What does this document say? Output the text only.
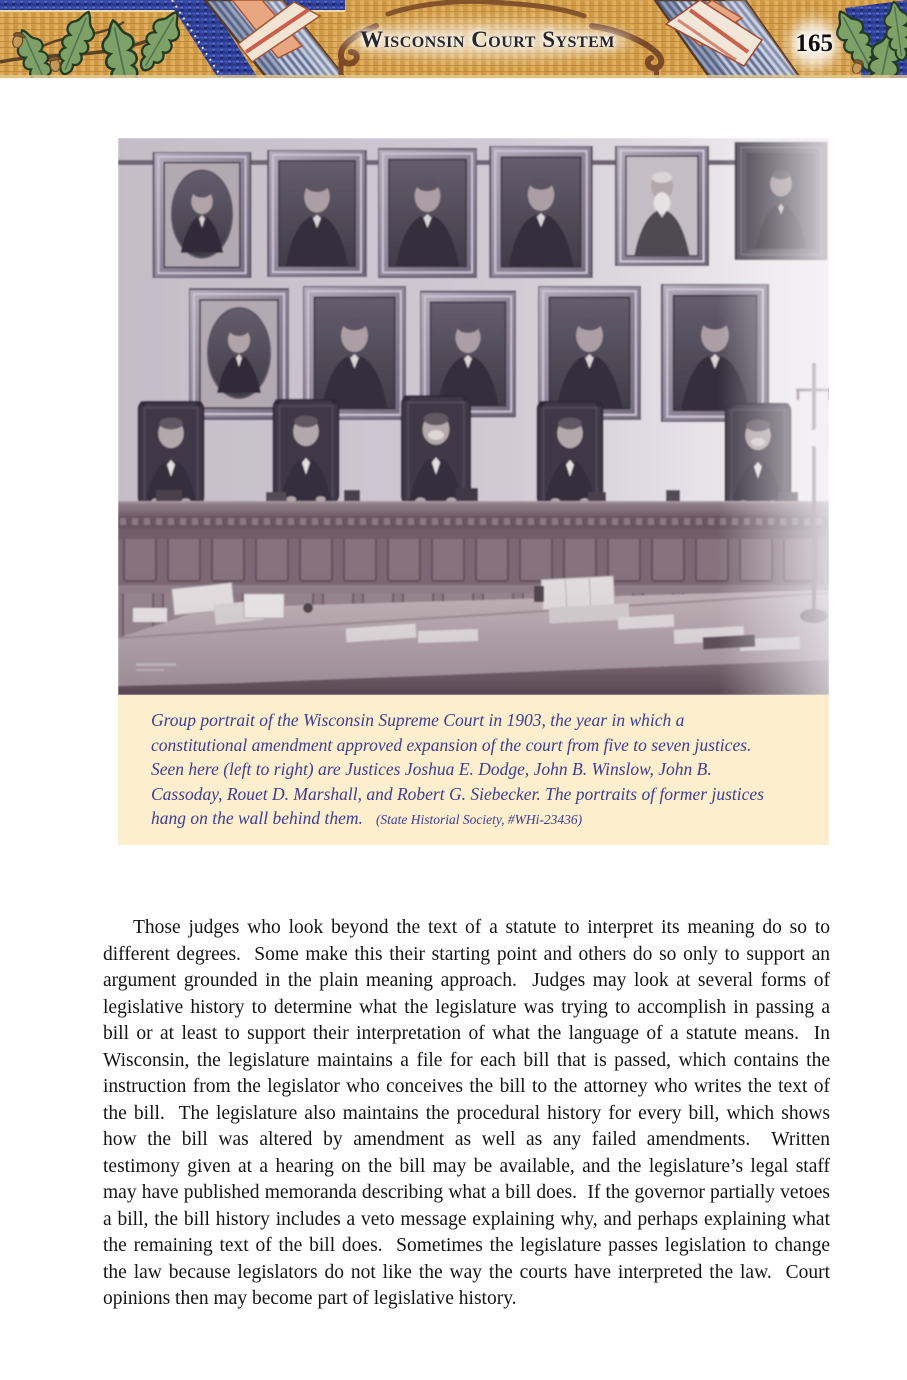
Wisconsin Court System	165
Group portrait of the Wisconsin Supreme Court in 1903, the year in which a constitutional amendment approved expansion of the court from five to seven justices. Seen here (left to right) are Justices Joshua E. Dodge, John B. Winslow, John B. Cassoday, Rouet D. Marshall, and Robert G. Siebecker. The portraits of former justices hang on the wall behind them. (State Historial Society, #WHi-23436)

Those judges who look beyond the text of a statute to interpret its meaning do so to different degrees.  Some make this their starting point and others do so only to support an argument grounded in the plain meaning approach.  Judges may look at several forms of legislative history to determine what the legislature was trying to accomplish in passing a bill or at least to support their interpretation of what the language of a statute means.  In Wisconsin, the legislature maintains a file for each bill that is passed, which contains the instruction from the legislator who conceives the bill to the attorney who writes the text of the bill.  The legislature also maintains the procedural history for every bill, which shows how the bill was altered by amendment as well as any failed amendments.  Written testimony given at a hearing on the bill may be available, and the legislature’s legal staff may have published memoranda describing what a bill does.  If the governor partially vetoes a bill, the bill history includes a veto message explaining why, and perhaps explaining what the remaining text of the bill does.  Sometimes the legislature passes legislation to change the law because legislators do not like the way the courts have interpreted the law.  Court opinions then may become part of legislative history.
